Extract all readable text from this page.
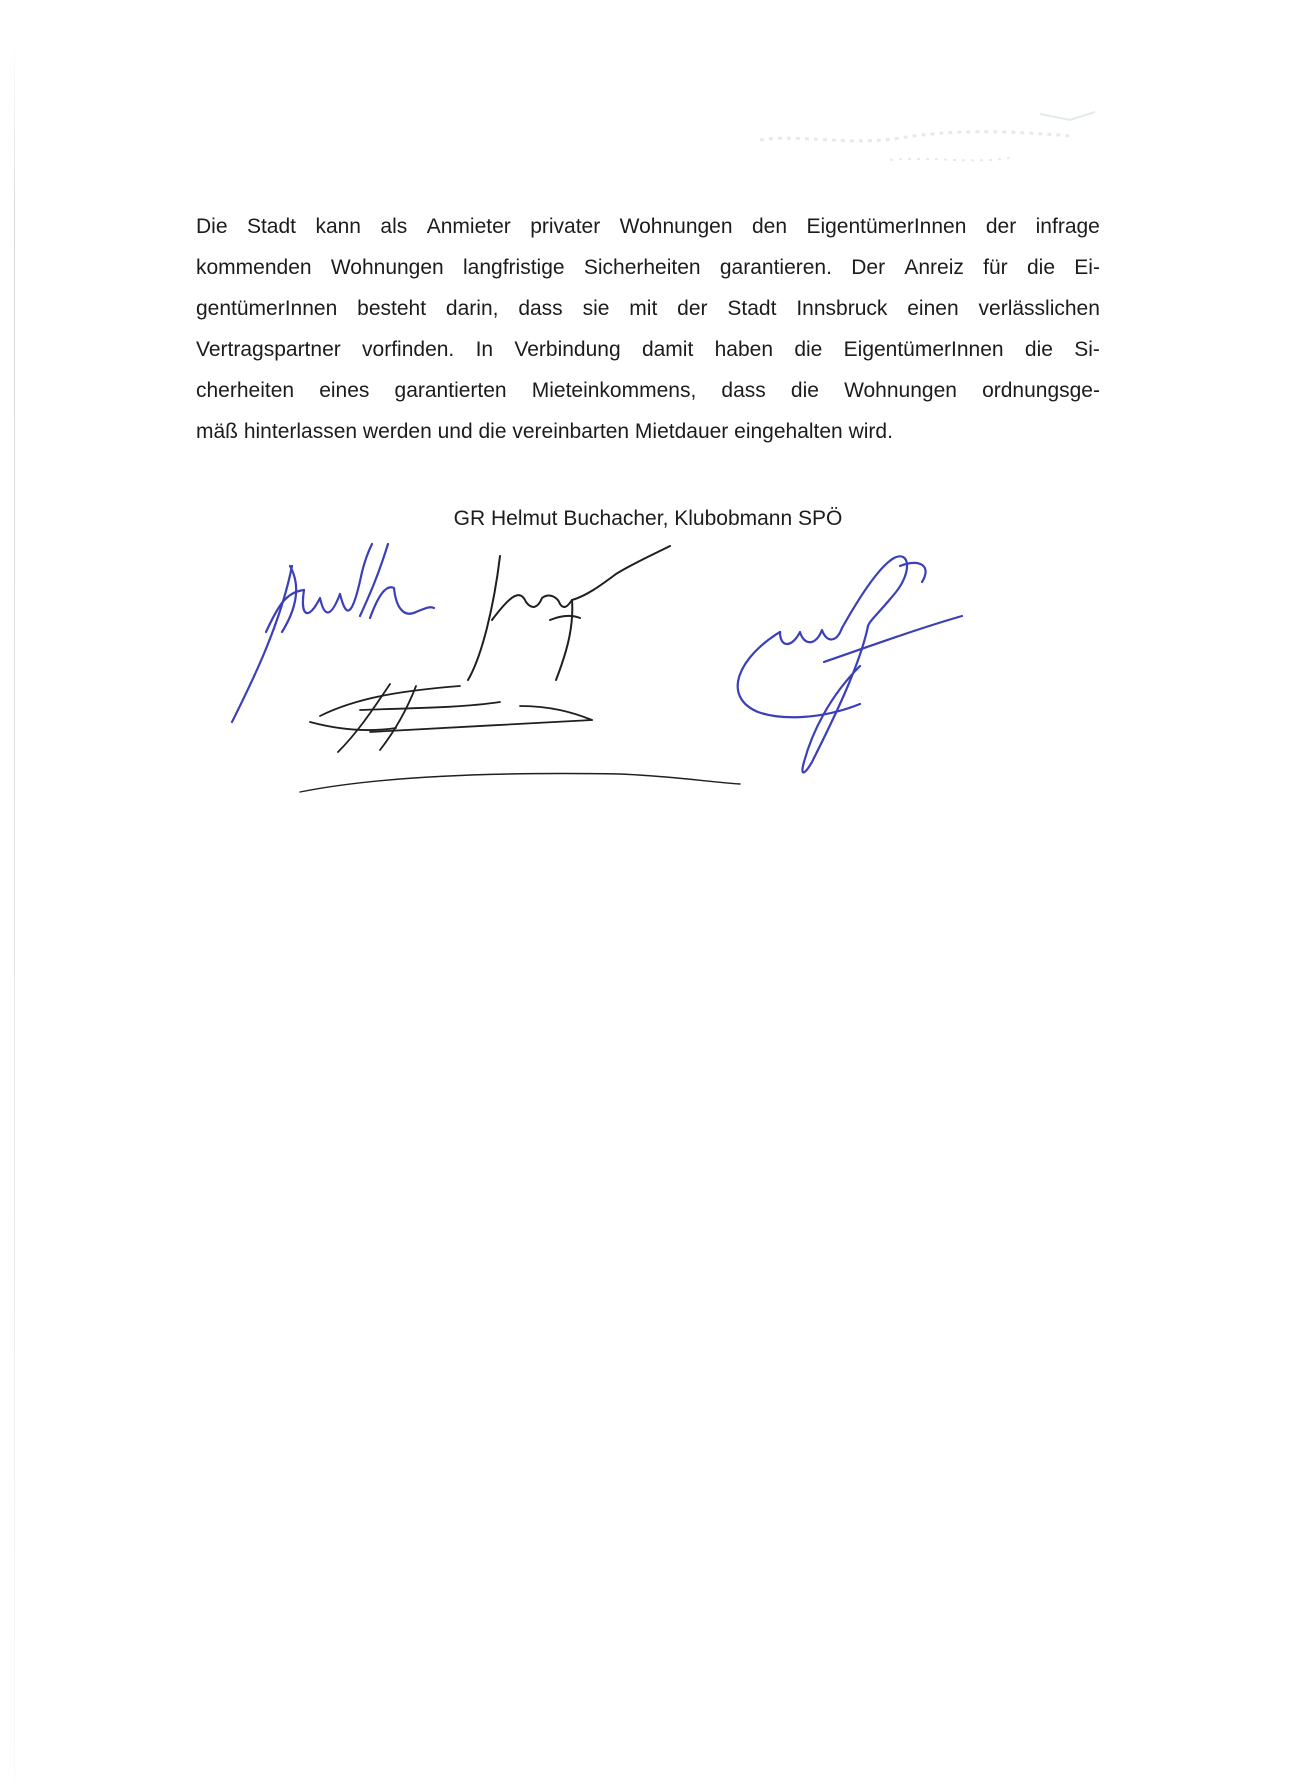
Die Stadt kann als Anmieter privater Wohnungen den EigentümerInnen der infrage
kommenden Wohnungen langfristige Sicherheiten garantieren. Der Anreiz für die Ei-
gentümerInnen besteht darin, dass sie mit der Stadt Innsbruck einen verlässlichen
Vertragspartner vorfinden. In Verbindung damit haben die EigentümerInnen die Si-
cherheiten eines garantierten Mieteinkommens, dass die Wohnungen ordnungsge-
mäß hinterlassen werden und die vereinbarten Mietdauer eingehalten wird.
GR Helmut Buchacher, Klubobmann SPÖ
